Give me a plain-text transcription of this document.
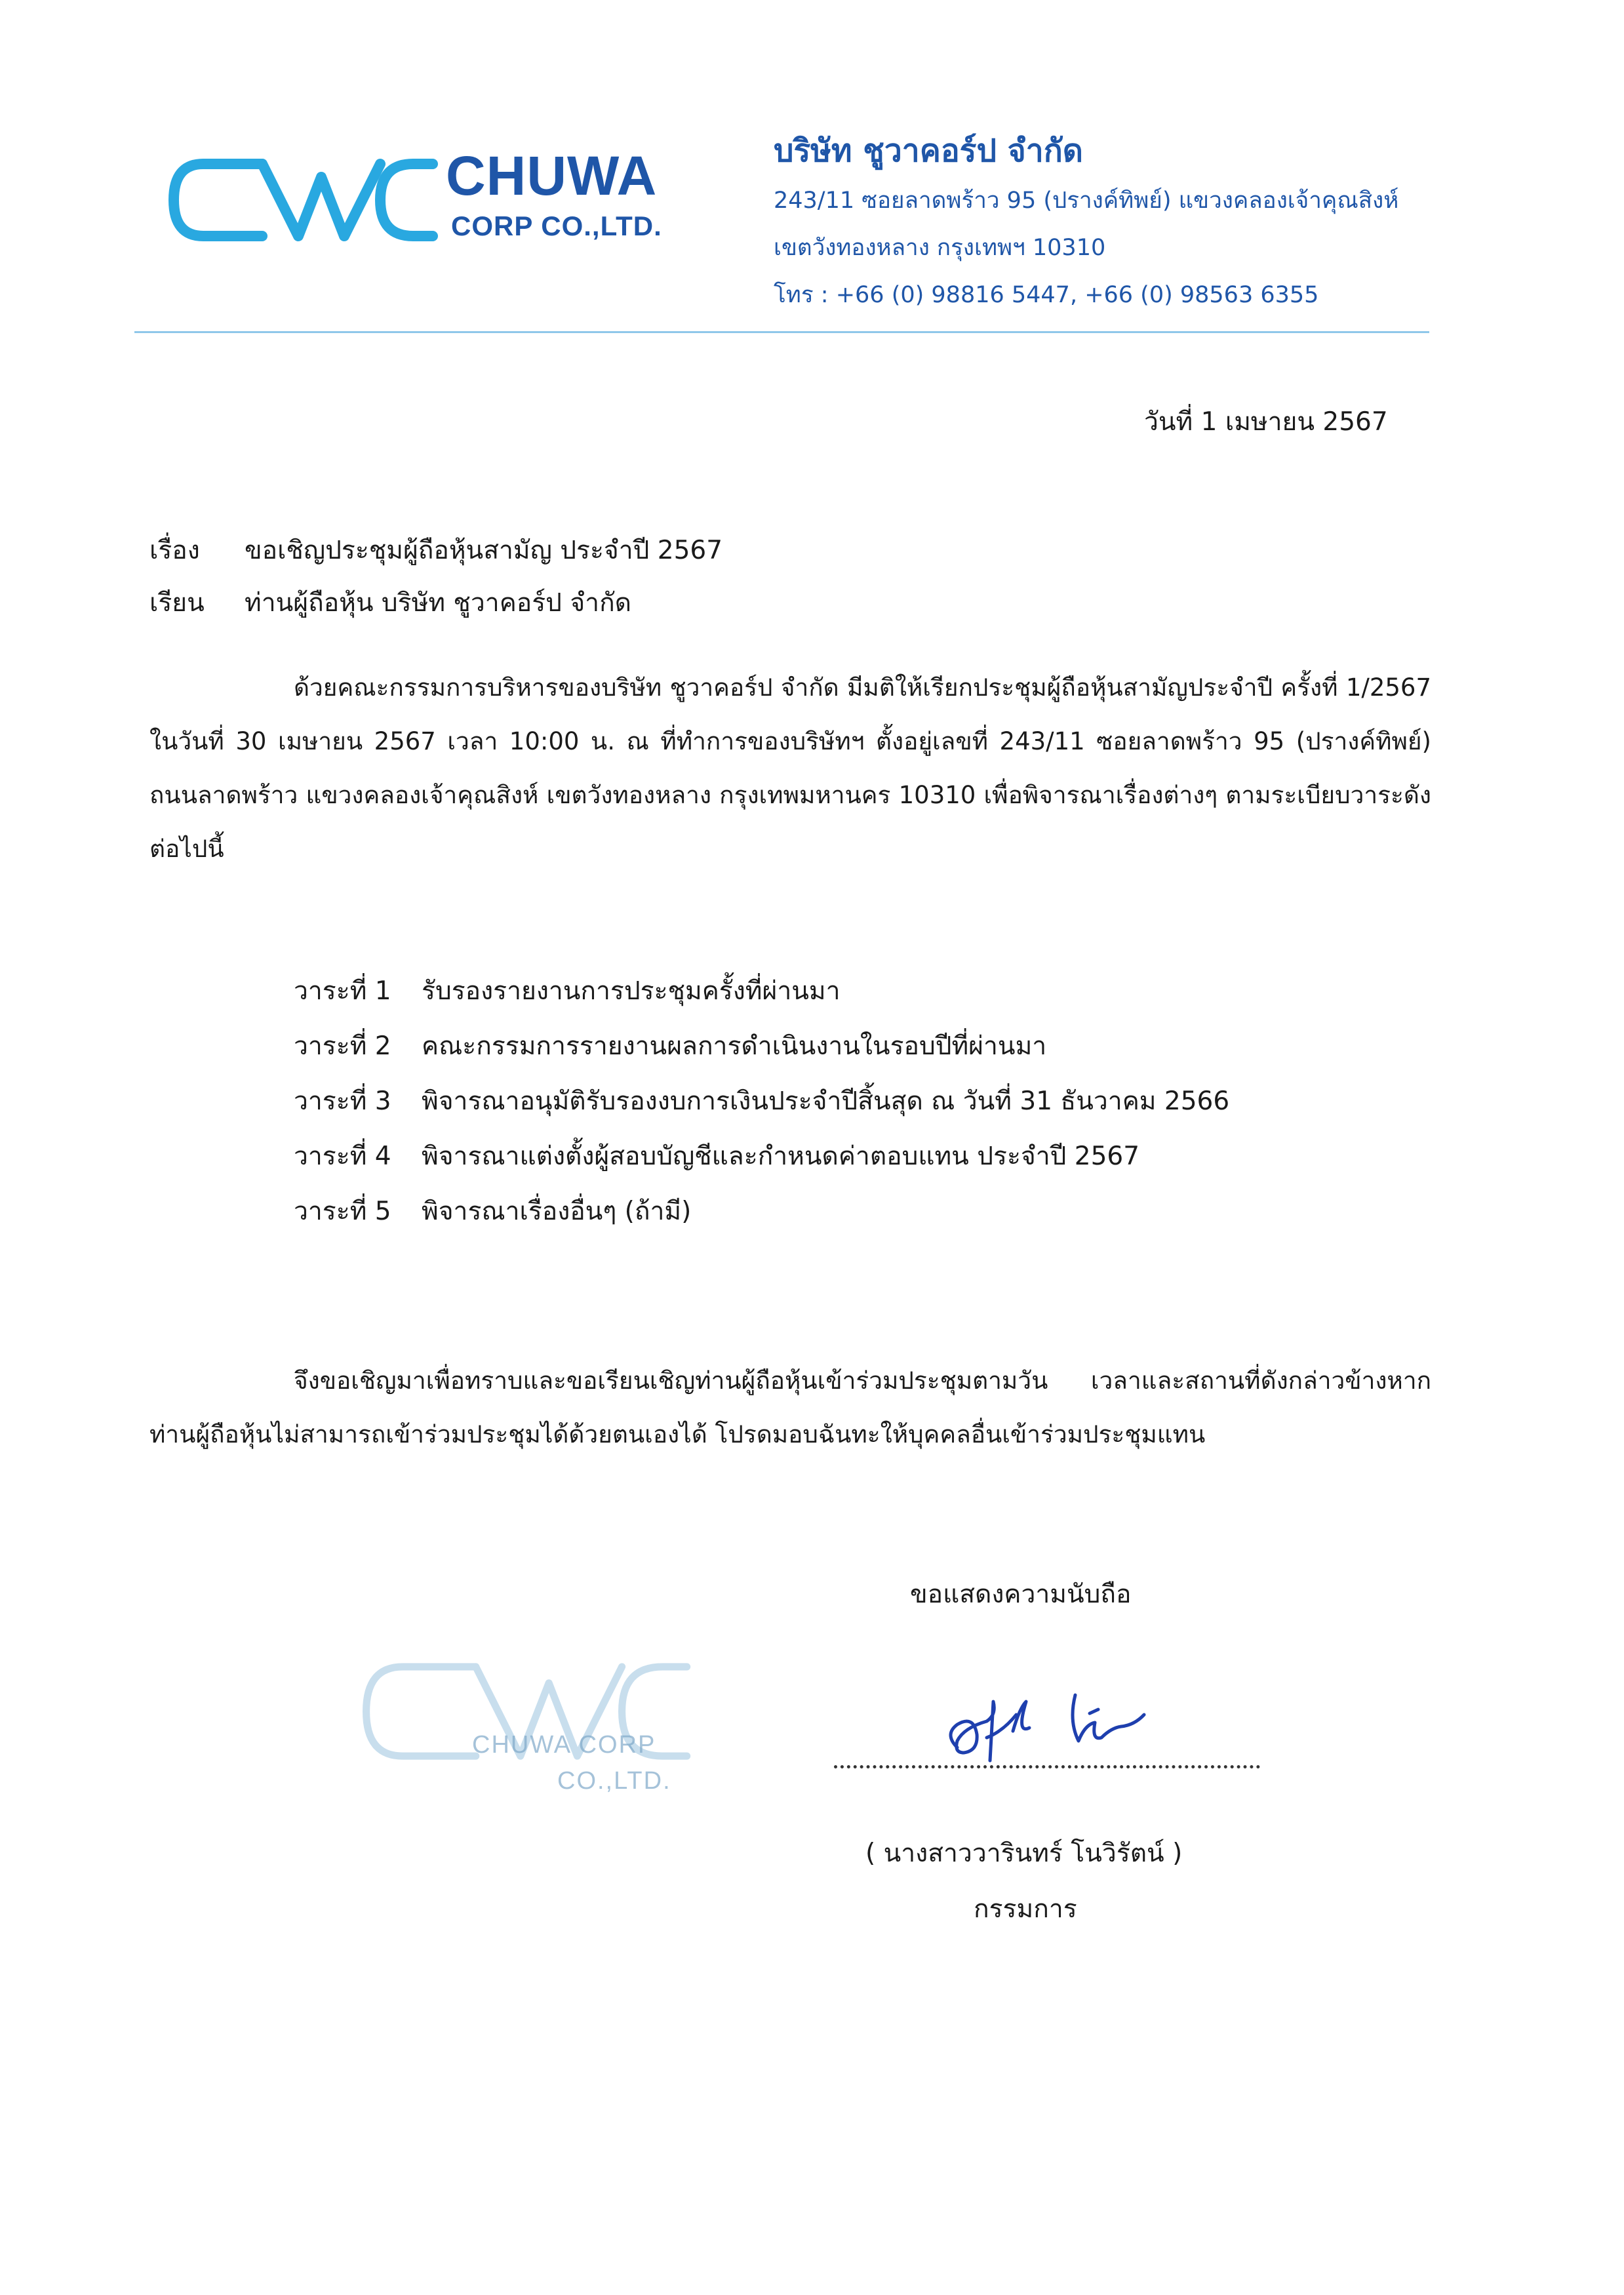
CHUWA
CORP CO.,LTD.
บริษัท ชูวาคอร์ป จำกัด
243/11 ซอยลาดพร้าว 95 (ปรางค์ทิพย์) แขวงคลองเจ้าคุณสิงห์
เขตวังทองหลาง กรุงเทพฯ 10310
โทร : +66 (0) 98816 5447, +66 (0) 98563 6355
วันที่ 1 เมษายน 2567
เรื่อง ขอเชิญประชุมผู้ถือหุ้นสามัญ ประจำปี 2567
เรียน ท่านผู้ถือหุ้น บริษัท ชูวาคอร์ป จำกัด
ด้วยคณะกรรมการบริหารของบริษัท ชูวาคอร์ป จำกัด มีมติให้เรียกประชุมผู้ถือหุ้นสามัญประจำปี ครั้งที่ 1/2567 ในวันที่ 30 เมษายน 2567 เวลา 10:00 น. ณ ที่ทำการของบริษัทฯ ตั้งอยู่เลขที่ 243/11 ซอยลาดพร้าว 95 (ปรางค์ทิพย์) ถนนลาดพร้าว แขวงคลองเจ้าคุณสิงห์ เขตวังทองหลาง กรุงเทพมหานคร 10310 เพื่อพิจารณาเรื่องต่างๆ ตามระเบียบวาระดังต่อไปนี้
วาระที่ 1 รับรองรายงานการประชุมครั้งที่ผ่านมา
วาระที่ 2 คณะกรรมการรายงานผลการดำเนินงานในรอบปีที่ผ่านมา
วาระที่ 3 พิจารณาอนุมัติรับรองงบการเงินประจำปีสิ้นสุด ณ วันที่ 31 ธันวาคม 2566
วาระที่ 4 พิจารณาแต่งตั้งผู้สอบบัญชีและกำหนดค่าตอบแทน ประจำปี 2567
วาระที่ 5 พิจารณาเรื่องอื่นๆ (ถ้ามี)
จึงขอเชิญมาเพื่อทราบและขอเรียนเชิญท่านผู้ถือหุ้นเข้าร่วมประชุมตามวัน เวลาและสถานที่ดังกล่าวข้างหากท่านผู้ถือหุ้นไม่สามารถเข้าร่วมประชุมได้ด้วยตนเองได้ โปรดมอบฉันทะให้บุคคลอื่นเข้าร่วมประชุมแทน
CHUWA CORP
CO.,LTD.
ขอแสดงความนับถือ
( นางสาววารินทร์ โนวิรัตน์ )
กรรมการ
